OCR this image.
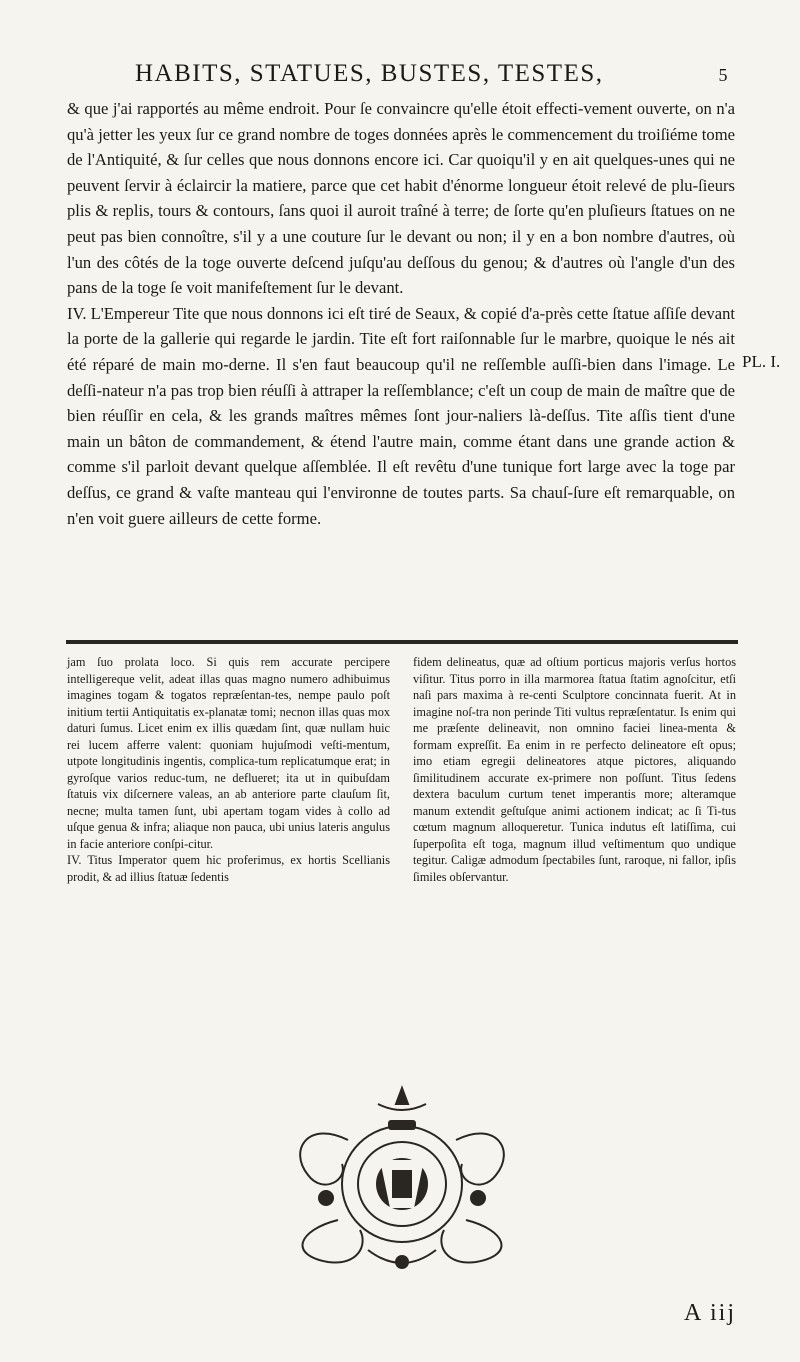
HABITS, STATUES, BUSTES, TESTES,	5

& que j'ai rapportés au même endroit. Pour ſe convaincre qu'elle étoit effecti-vement ouverte, on n'a qu'à jetter les yeux ſur ce grand nombre de toges données après le commencement du troiſiéme tome de l'Antiquité, & ſur celles que nous donnons encore ici. Car quoiqu'il y en ait quelques-unes qui ne peuvent ſervir à éclaircir la matiere, parce que cet habit d'énorme longueur étoit relevé de plu-ſieurs plis & replis, tours & contours, ſans quoi il auroit traîné à terre; de ſorte qu'en pluſieurs ſtatues on ne peut pas bien connoître, s'il y a une couture ſur le devant ou non; il y en a bon nombre d'autres, où l'un des côtés de la toge ouverte deſcend juſqu'au deſſous du genou; & d'autres où l'angle d'un des pans de la toge ſe voit manifeſtement ſur le devant.

IV. L'Empereur Tite que nous donnons ici eſt tiré de Seaux, & copié d'a-près cette ſtatue aſſiſe devant la porte de la gallerie qui regarde le jardin. Tite eſt fort raiſonnable ſur le marbre, quoique le nés ait été réparé de main mo-derne. Il s'en faut beaucoup qu'il ne reſſemble auſſi-bien dans l'image. Le deſſi-nateur n'a pas trop bien réuſſi à attraper la reſſemblance; c'eſt un coup de main de maître que de bien réuſſir en cela, & les grands maîtres mêmes ſont jour-naliers là-deſſus. Tite aſſis tient d'une main un bâton de commandement, & étend l'autre main, comme étant dans une grande action & comme s'il parloit devant quelque aſſemblée. Il eſt revêtu d'une tunique fort large avec la toge par deſſus, ce grand & vaſte manteau qui l'environne de toutes parts. Sa chauſ-ſure eſt remarquable, on n'en voit guere ailleurs de cette forme.

PL. I.

jam ſuo prolata loco. Si quis rem accurate percipere intelligereque velit, adeat illas quas magno numero adhibuimus imagines togam & togatos repræſentan-tes, nempe paulo poſt initium tertii Antiquitatis ex-planatæ tomi; necnon illas quas mox daturi ſumus. Licet enim ex illis quædam ſint, quæ nullam huic rei lucem afferre valent: quoniam hujuſmodi veſti-mentum, utpote longitudinis ingentis, complica-tum replicatumque erat; in gyroſque varios reduc-tum, ne deflueret; ita ut in quibuſdam ſtatuis vix diſcernere valeas, an ab anteriore parte clauſum ſit, necne; multa tamen ſunt, ubi apertam togam vides à collo ad uſque genua & infra; aliaque non pauca, ubi unius lateris angulus in facie anteriore conſpi-citur.

IV. Titus Imperator quem hic proferimus, ex hortis Scellianis prodit, & ad illius ſtatuæ ſedentis

fidem delineatus, quæ ad oſtium porticus majoris verſus hortos viſitur. Titus porro in illa marmorea ſtatua ſtatim agnoſcitur, etſi naſi pars maxima à re-centi Sculptore concinnata fuerit. At in imagine noſ-tra non perinde Titi vultus repræſentatur. Is enim qui me præſente delineavit, non omnino faciei linea-menta & formam expreſſit. Ea enim in re perfecto delineatore eſt opus; imo etiam egregii delineatores atque pictores, aliquando ſimilitudinem accurate ex-primere non poſſunt. Titus ſedens dextera baculum curtum tenet imperantis more; alteramque manum extendit geſtuſque animi actionem indicat; ac ſi Ti-tus cœtum magnum alloqueretur. Tunica indutus eſt latiſſima, cui ſuperpoſita eſt toga, magnum illud veſtimentum quo undique tegitur. Caligæ admodum ſpectabiles ſunt, raroque, ni fallor, ipſis ſimiles obſervantur.

A iij
